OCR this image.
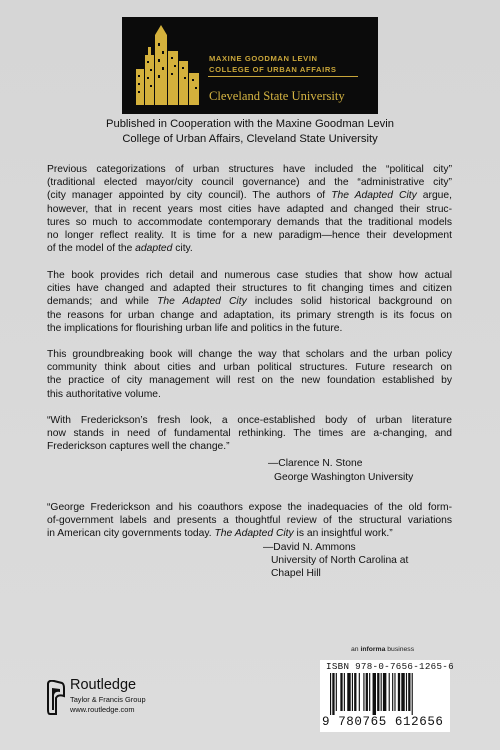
MAXINE GOODMAN LEVIN
COLLEGE OF URBAN AFFAIRS
Cleveland State University
Published in Cooperation with the Maxine Goodman Levin
College of Urban Affairs, Cleveland State University
Previous categorizations of urban structures have included the “political city”
(traditional elected mayor/city council governance) and the “administrative city”
(city manager appointed by city council). The authors of The Adapted City argue,
however, that in recent years most cities have adapted and changed their struc-
tures so much to accommodate contemporary demands that the traditional models
no longer reflect reality. It is time for a new paradigm—hence their development
of the model of the adapted city.
The book provides rich detail and numerous case studies that show how actual
cities have changed and adapted their structures to fit changing times and citizen
demands; and while The Adapted City includes solid historical background on
the reasons for urban change and adaptation, its primary strength is its focus on
the implications for flourishing urban life and politics in the future.
This groundbreaking book will change the way that scholars and the urban policy
community think about cities and urban political structures. Future research on
the practice of city management will rest on the new foundation established by
this authoritative volume.
“With Frederickson’s fresh look, a once-established body of urban literature
now stands in need of fundamental rethinking. The times are a-changing, and
Frederickson captures well the change.”
—Clarence N. Stone
George Washington University
“George Frederickson and his coauthors expose the inadequacies of the old form-
of-government labels and presents a thoughtful review of the structural variations
in American city governments today. The Adapted City is an insightful work.”
—David N. Ammons
University of North Carolina at
Chapel Hill
an informa business
ISBN 978-0-7656-1265-6
9 780765 612656
Routledge
Taylor & Francis Group
www.routledge.com
